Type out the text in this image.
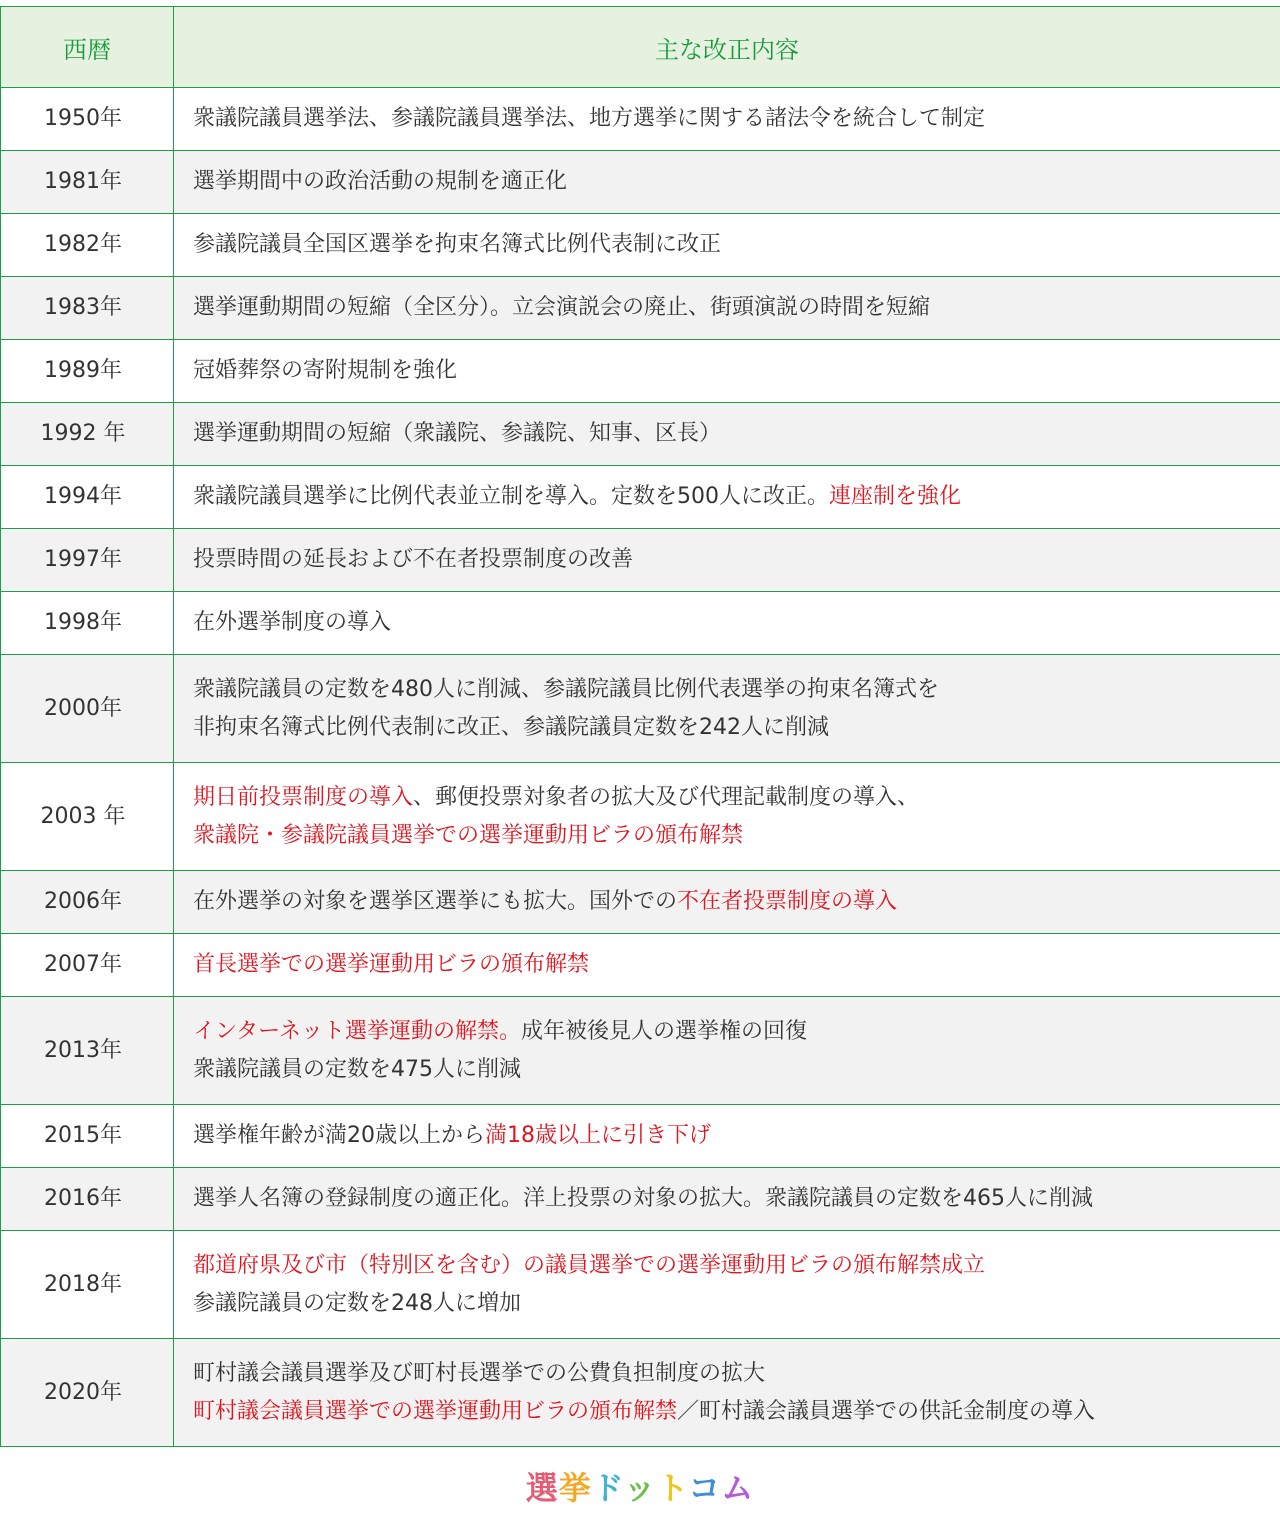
西暦	主な改正内容
1950年	衆議院議員選挙法、参議院議員選挙法、地方選挙に関する諸法令を統合して制定

1981年	選挙期間中の政治活動の規制を適正化

1982年	参議院議員全国区選挙を拘束名簿式比例代表制に改正

1983年	選挙運動期間の短縮（全区分）。立会演説会の廃止、街頭演説の時間を短縮

1989年	冠婚葬祭の寄附規制を強化

1992 年	選挙運動期間の短縮（衆議院、参議院、知事、区長）

1994年	衆議院議員選挙に比例代表並立制を導入。定数を500人に改正。連座制を強化

1997年	投票時間の延長および不在者投票制度の改善

1998年	在外選挙制度の導入

2000年	衆議院議員の定数を480人に削減、参議院議員比例代表選挙の拘束名簿式を
非拘束名簿式比例代表制に改正、参議院議員定数を242人に削減

2003 年	期日前投票制度の導入、郵便投票対象者の拡大及び代理記載制度の導入、
衆議院・参議院議員選挙での選挙運動用ビラの頒布解禁

2006年	在外選挙の対象を選挙区選挙にも拡大。国外での不在者投票制度の導入

2007年	首長選挙での選挙運動用ビラの頒布解禁

2013年	インターネット選挙運動の解禁。成年被後見人の選挙権の回復
衆議院議員の定数を475人に削減

2015年	選挙権年齢が満20歳以上から満18歳以上に引き下げ

2016年	選挙人名簿の登録制度の適正化。洋上投票の対象の拡大。衆議院議員の定数を465人に削減

2018年	都道府県及び市（特別区を含む）の議員選挙での選挙運動用ビラの頒布解禁成立
参議院議員の定数を248人に増加

2020年	町村議会議員選挙及び町村長選挙での公費負担制度の拡大
町村議会議員選挙での選挙運動用ビラの頒布解禁／町村議会議員選挙での供託金制度の導入
選挙ドットコム
